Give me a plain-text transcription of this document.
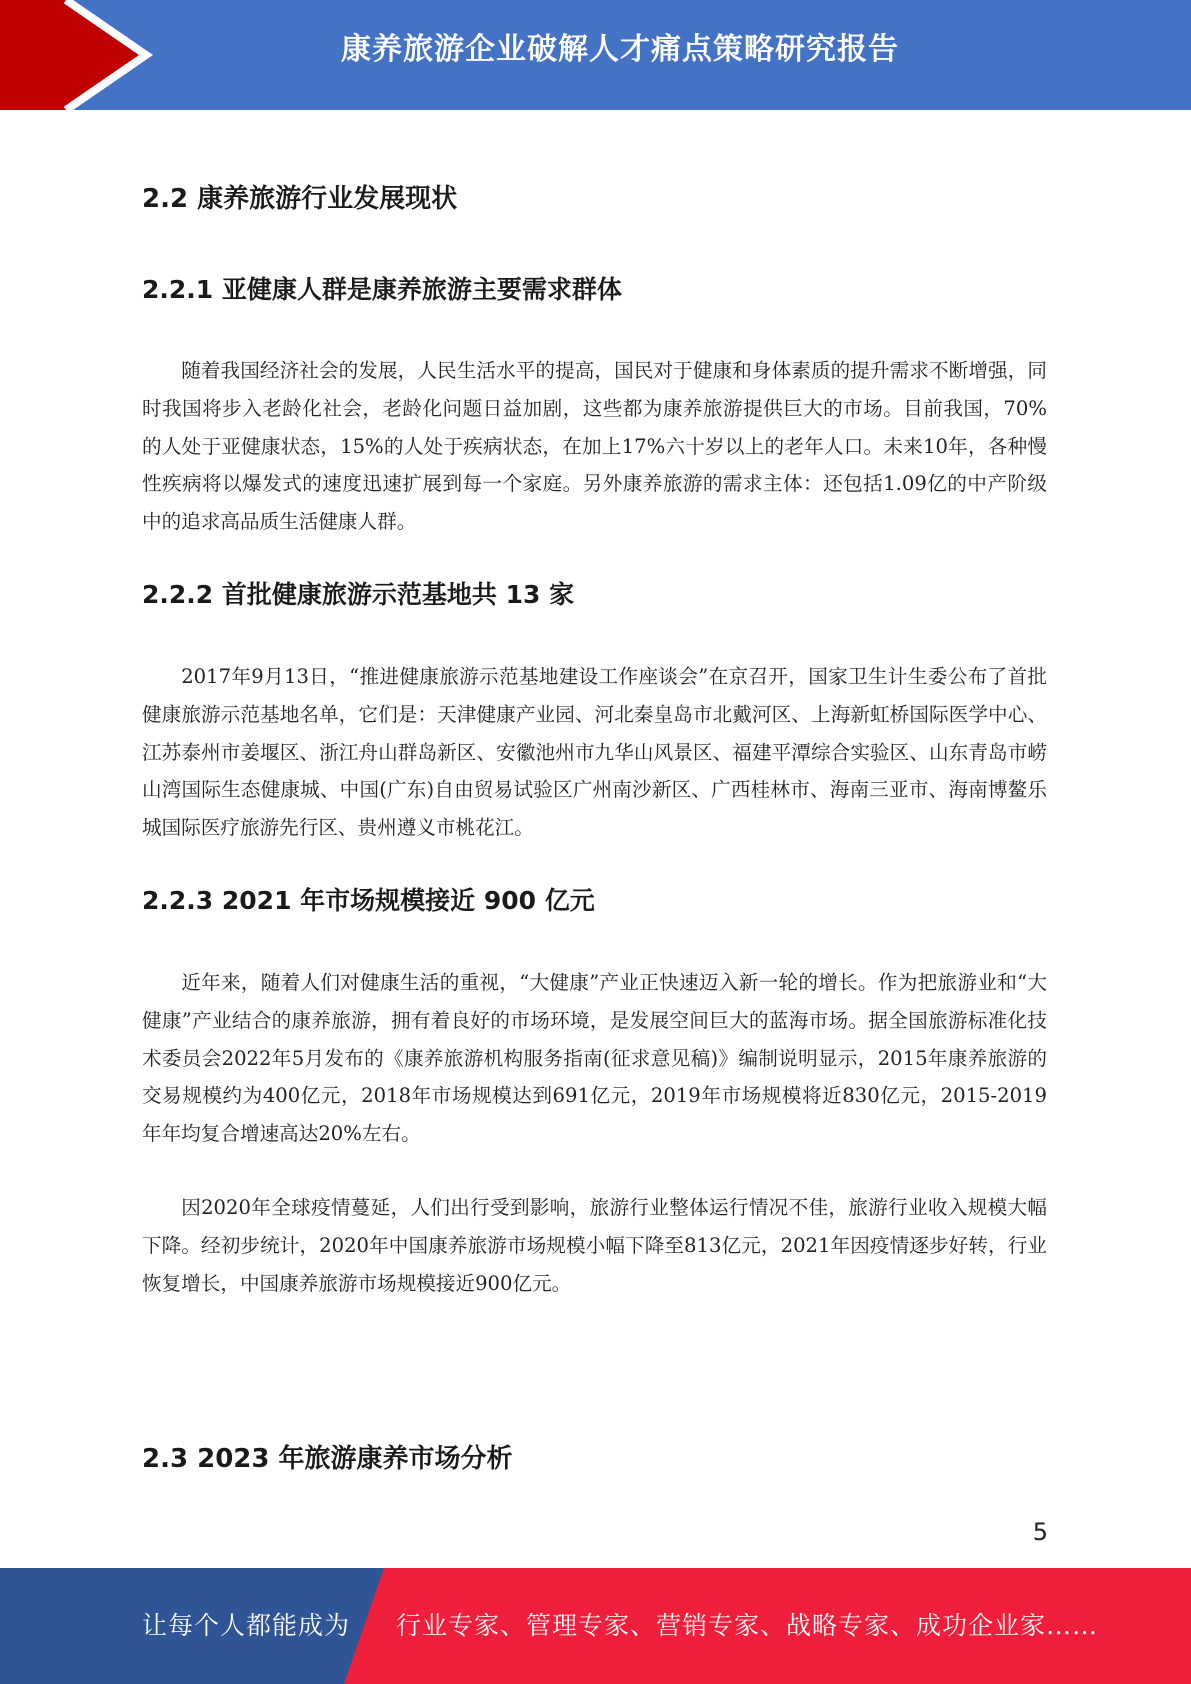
康养旅游企业破解人才痛点策略研究报告
2.2 康养旅游行业发展现状
2.2.1 亚健康人群是康养旅游主要需求群体

随着我国经济社会的发展，人民生活水平的提高，国民对于健康和身体素质的提升需求不断增强，同时我国将步入老龄化社会，老龄化问题日益加剧，这些都为康养旅游提供巨大的市场。目前我国，70%的人处于亚健康状态，15%的人处于疾病状态，在加上17%六十岁以上的老年人口。未来10年，各种慢性疾病将以爆发式的速度迅速扩展到每一个家庭。另外康养旅游的需求主体：还包括1.09亿的中产阶级中的追求高品质生活健康人群。

2.2.2 首批健康旅游示范基地共 13 家

2017年9月13日，“推进健康旅游示范基地建设工作座谈会”在京召开，国家卫生计生委公布了首批健康旅游示范基地名单，它们是：天津健康产业园、河北秦皇岛市北戴河区、上海新虹桥国际医学中心、江苏泰州市姜堰区、浙江舟山群岛新区、安徽池州市九华山风景区、福建平潭综合实验区、山东青岛市崂山湾国际生态健康城、中国(广东)自由贸易试验区广州南沙新区、广西桂林市、海南三亚市、海南博鳌乐城国际医疗旅游先行区、贵州遵义市桃花江。

2.2.3 2021 年市场规模接近 900 亿元

近年来，随着人们对健康生活的重视，“大健康”产业正快速迈入新一轮的增长。作为把旅游业和“大健康”产业结合的康养旅游，拥有着良好的市场环境，是发展空间巨大的蓝海市场。据全国旅游标准化技术委员会2022年5月发布的《康养旅游机构服务指南(征求意见稿)》编制说明显示，2015年康养旅游的交易规模约为400亿元，2018年市场规模达到691亿元，2019年市场规模将近830亿元，2015-2019年年均复合增速高达20%左右。

因2020年全球疫情蔓延，人们出行受到影响，旅游行业整体运行情况不佳，旅游行业收入规模大幅下降。经初步统计，2020年中国康养旅游市场规模小幅下降至813亿元，2021年因疫情逐步好转，行业恢复增长，中国康养旅游市场规模接近900亿元。

2.3 2023 年旅游康养市场分析
5
让每个人都能成为 行业专家、管理专家、营销专家、战略专家、成功企业家……
